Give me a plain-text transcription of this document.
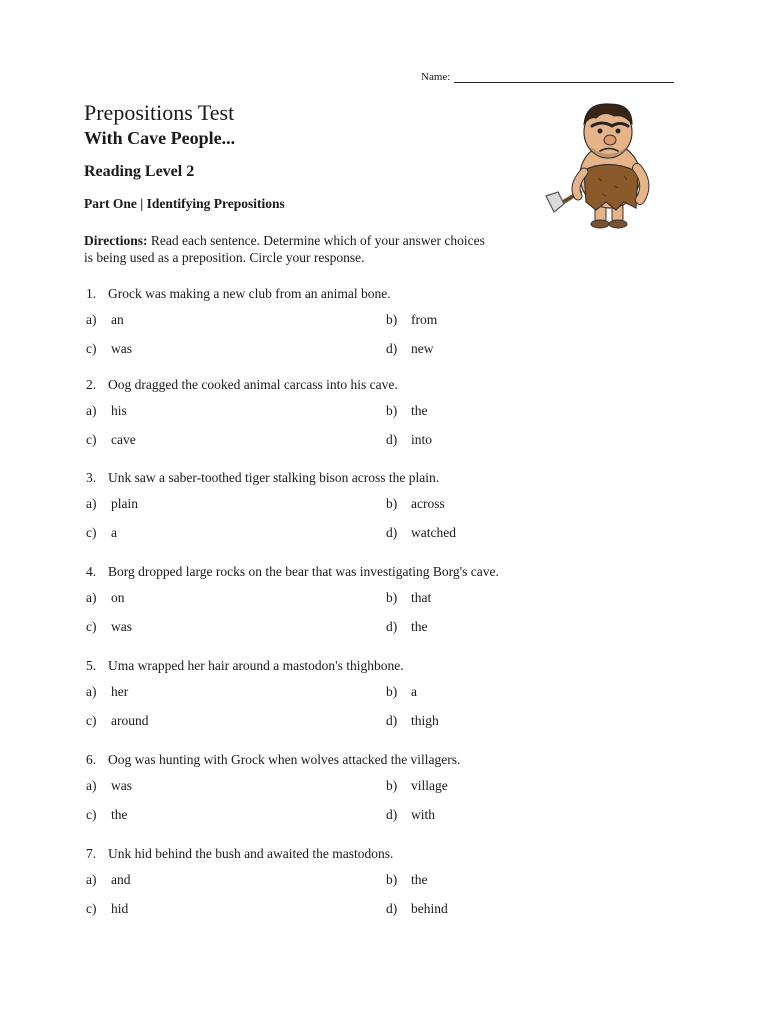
Name:
Prepositions Test
With Cave People...
Reading Level 2
Part One | Identifying Prepositions
Directions: Read each sentence. Determine which of your answer choices is being used as a preposition. Circle your response.
1. Grock was making a new club from an animal bone.
a) an	b) from
c) was	d) new
2. Oog dragged the cooked animal carcass into his cave.
a) his	b) the
c) cave	d) into
3. Unk saw a saber-toothed tiger stalking bison across the plain.
a) plain	b) across
c) a	d) watched
4. Borg dropped large rocks on the bear that was investigating Borg's cave.
a) on	b) that
c) was	d) the
5. Uma wrapped her hair around a mastodon's thighbone.
a) her	b) a
c) around	d) thigh
6. Oog was hunting with Grock when wolves attacked the villagers.
a) was	b) village
c) the	d) with
7. Unk hid behind the bush and awaited the mastodons.
a) and	b) the
c) hid	d) behind
